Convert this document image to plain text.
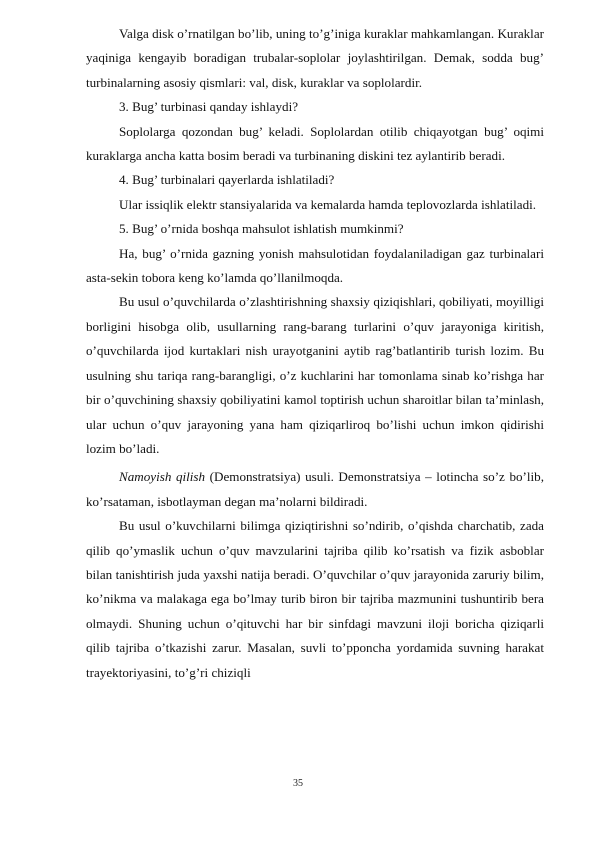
Valga disk o’rnatilgan bo’lib, uning to’g’iniga kuraklar mahkamlangan. Kuraklar yaqiniga kengayib boradigan trubalar-soplolar joylashtirilgan. Demak, sodda bug’ turbinalarning asosiy qismlari: val, disk, kuraklar va soplolardir.

3. Bug’ turbinasi qanday ishlaydi?

Soplolarga qozondan bug’ keladi. Soplolardan otilib chiqayotgan bug’ oqimi kuraklarga ancha katta bosim beradi va turbinaning diskini tez aylantirib beradi.

4. Bug’ turbinalari qayerlarda ishlatiladi?

Ular issiqlik elektr stansiyalarida va kemalarda hamda teplovozlarda ishlatiladi.

5. Bug’ o’rnida boshqa mahsulot ishlatish mumkinmi?

Ha, bug’ o’rnida gazning yonish mahsulotidan foydalaniladigan gaz turbinalari asta-sekin tobora keng ko’lamda qo’llanilmoqda.

Bu usul o’quvchilarda o’zlashtirishning shaxsiy qiziqishlari, qobiliyati, moyilligi borligini hisobga olib, usullarning rang-barang turlarini o’quv jarayoniga kiritish, o’quvchilarda ijod kurtaklari nish urayotganini aytib rag’batlantirib turish lozim. Bu usulning shu tariqa rang-barangligi, o’z kuchlarini har tomonlama sinab ko’rishga har bir o’quvchining shaxsiy qobiliyatini kamol toptirish uchun sharoitlar bilan ta’minlash, ular uchun o’quv jarayoning yana ham qiziqarliroq bo’lishi uchun imkon qidirishi lozim bo’ladi.

Namoyish qilish (Demonstratsiya) usuli. Demonstratsiya – lotincha so’z bo’lib, ko’rsataman, isbotlayman degan ma’nolarni bildiradi.

Bu usul o’kuvchilarni bilimga qiziqtirishni so’ndirib, o’qishda charchatib, zada qilib qo’ymaslik uchun o’quv mavzularini tajriba qilib ko’rsatish va fizik asboblar bilan tanishtirish juda yaxshi natija beradi. O’quvchilar o’quv jarayonida zaruriy bilim, ko’nikma va malakaga ega bo’lmay turib biron bir tajriba mazmunini tushuntirib bera olmaydi. Shuning uchun o’qituvchi har bir sinfdagi mavzuni iloji boricha qiziqarli qilib tajriba o’tkazishi zarur. Masalan, suvli to’pponcha yordamida suvning harakat trayektoriyasini, to’g’ri chiziqli

35
